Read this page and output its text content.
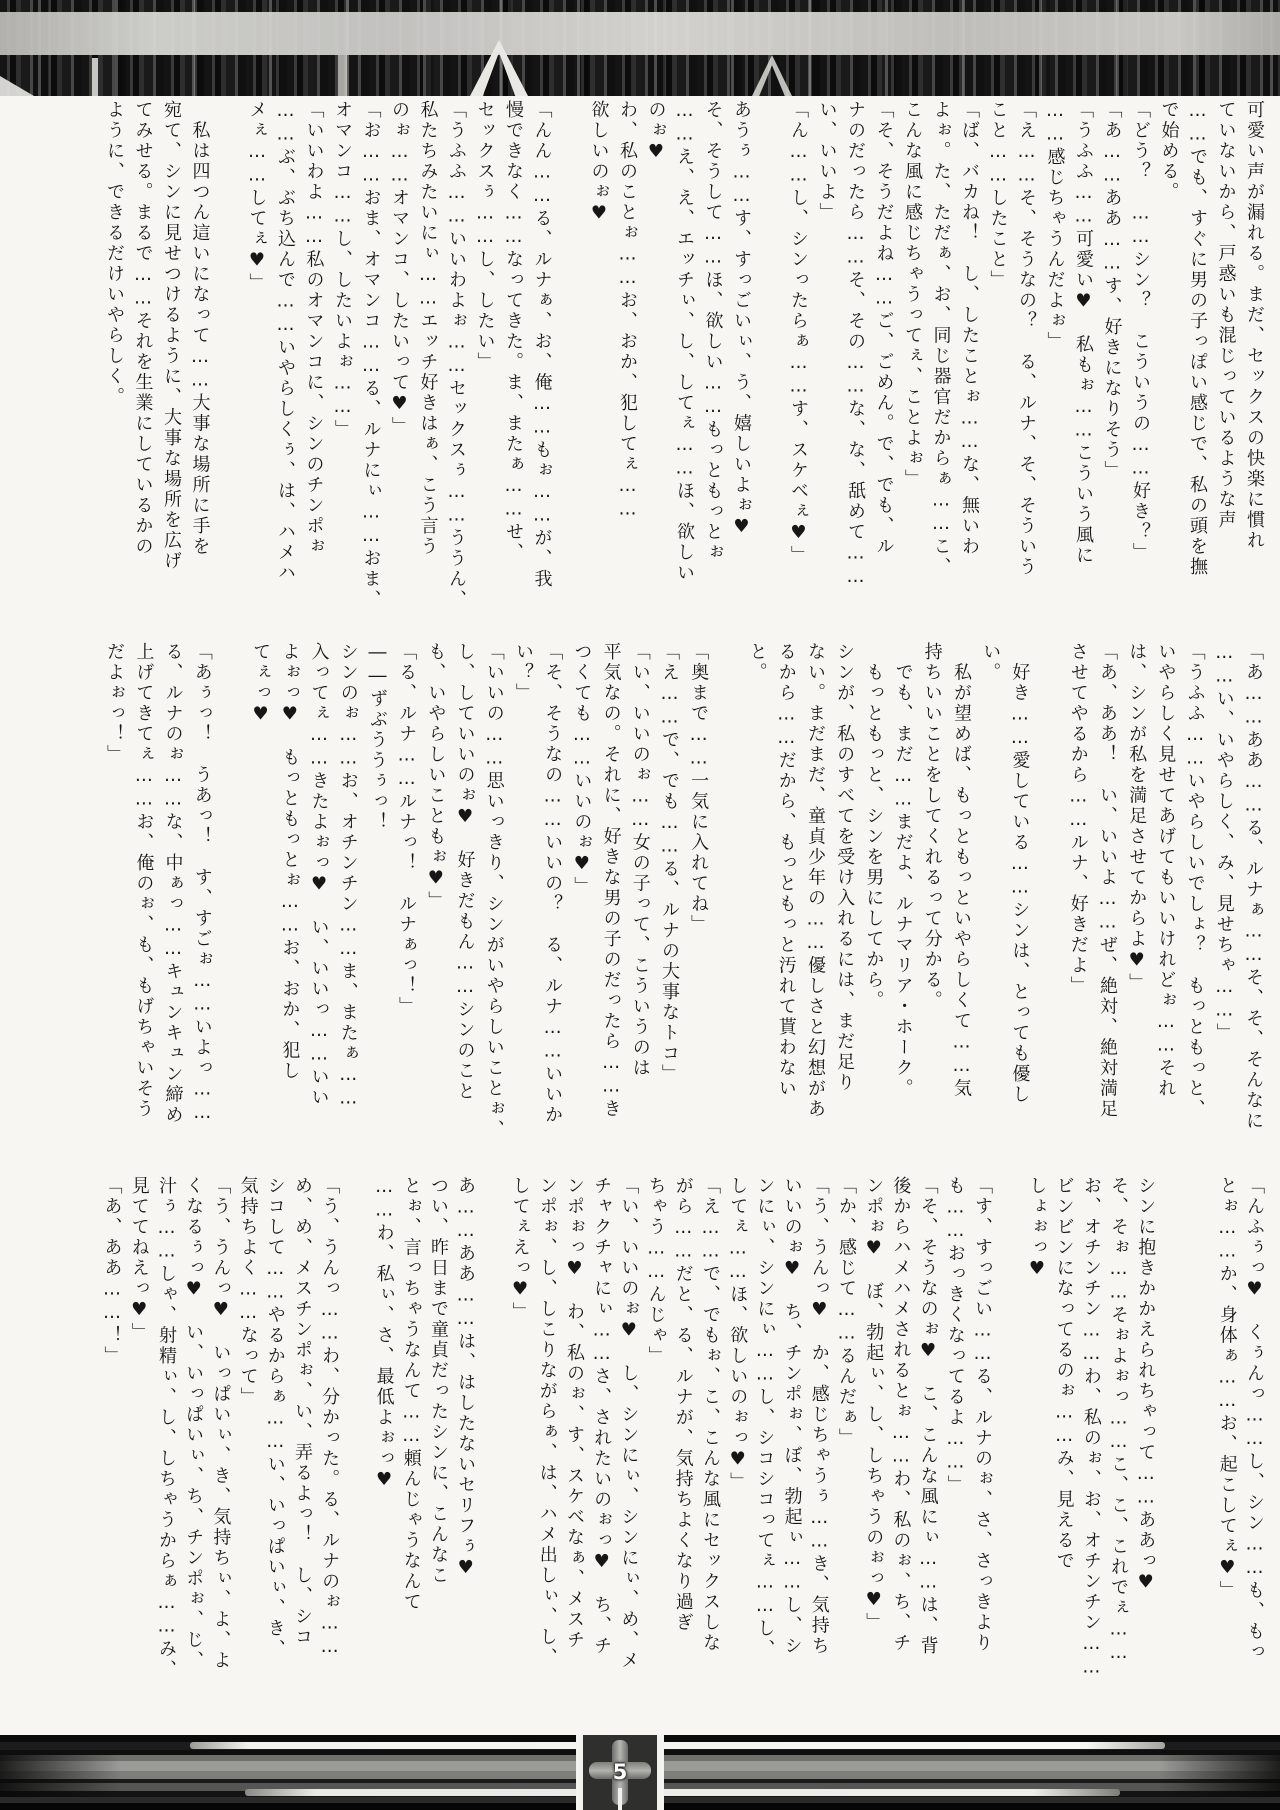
可愛い声が漏れる。まだ、セックスの快楽に慣れ
ていないから、戸惑いも混じっているような声
……でも、すぐに男の子っぽい感じで、私の頭を撫
で始める。
「どう？　……シン？　こういうの……好き？」
「あ……ああ……す、好きになりそう」
「うふふ……可愛い♥　私もぉ……こういう風に
……感じちゃうんだよぉ」
「え……そ、そうなの？　る、ルナ、そ、そういう
こと……したこと」
「ば、バカね！　し、したことぉ……な、無いわ
よぉ。た、ただぁ、お、同じ器官だからぁ……こ、
こんな風に感じちゃうってぇ、ことよぉ」
「そ、そうだよね……ご、ごめん。で、でも、ル
ナのだったら……そ、その……な、な、舐めて……
い、いいよ」
「ん……し、シンったらぁ……す、スケベぇ♥」
あうぅ……す、すっごいぃ、う、嬉しいよぉ♥
そ、そうして……ほ、欲しい……もっともっとぉ
……え、え、エッチぃ、し、してぇ……ほ、欲しい
のぉ♥
わ、私のことぉ……お、おか、犯してぇ……
欲しいのぉ♥
「んん……る、ルナぁ、お、俺……もぉ……が、我
慢できなく……なってきた。ま、またぁ……せ、
セックスぅ……し、したい」
「うふふ……いいわよぉ……セックスぅ……ううん、
私たちみたいにぃ……エッチ好きはぁ、こう言う
のぉ……オマンコ、したいって♥」
「お……おま、オマンコ……る、ルナにぃ……おま、
オマンコ……し、したいよぉ……」
「いいわよ……私のオマンコに、シンのチンポぉ
……ぶ、ぶち込んで……いやらしくぅ、は、ハメハ
メぇ……してぇ♥」
　私は四つん這いになって……大事な場所に手を
宛て、シンに見せつけるように、大事な場所を広げ
てみせる。まるで……それを生業にしているかの
ように、できるだけいやらしく。
「あ……ああ……る、ルナぁ……そ、そ、そんなに
……い、いやらしく、み、見せちゃ……」
「うふふ……いやらしいでしょ？　もっともっと、
いやらしく見せてあげてもいいけれどぉ……それ
は、シンが私を満足させてからよ♥」
「あ、ああ！　い、いいよ……ぜ、絶対、絶対満足
させてやるから……ルナ、好きだよ」
　好き……愛している……シンは、とっても優し
い。
　私が望めば、もっともっといやらしくて……気
持ちいいことをしてくれるって分かる。
　でも、まだ……まだよ、ルナマリア・ホーク。
　もっともっと、シンを男にしてから。
シンが、私のすべてを受け入れるには、まだ足り
ない。まだまだ、童貞少年の……優しさと幻想があ
るから……だから、もっともっと汚れて貰わない
と。
「奥まで……一気に入れてね」
「え……で、でも……る、ルナの大事なトコ」
「い、いいのぉ……女の子って、こういうのは
平気なの。それに、好きな男の子のだったら……き
つくても……いいのぉ♥」
「そ、そうなの……いいの？　る、ルナ……いいか
い？」
「いいの……思いっきり、シンがいやらしいことぉ、
し、していいのぉ♥　好きだもん……シンのこと
も、いやらしいこともぉ♥」
「る、ルナ……ルナっ！　ルナぁっ！」
――ずぶううぅっ！
シンのぉ……お、オチンチン……ま、またぁ……
入ってぇ……きたよぉっ♥　い、いいっ……いい
よぉっ♥　もっともっとぉ……お、おか、犯し
てぇっ♥
「あぅっ！　うあっ！　す、すごぉ……いよっ……
る、ルナのぉ……な、中ぁっ……キュンキュン締め
上げてきてぇ……お、俺のぉ、も、もげちゃいそう
だよぉっ！」
「んふぅっ♥　くぅんっ……し、シン……も、もっ
とぉ……か、身体ぁ……お、起こしてぇ♥」
シンに抱きかかえられちゃって……ああっ♥
そ、そぉ……そぉよぉっ……こ、こ、これでぇ……
お、オチンチン……わ、私のぉ、お、オチンチン……
ビンビンになってるのぉ……み、見えるで
しょぉっ♥
「す、すっごい……る、ルナのぉ、さ、さっきより
も……おっきくなってるよ……」
「そ、そうなのぉ♥　こ、こんな風にぃ……は、背
後からハメハメされるとぉ……わ、私のぉ、ち、チ
ンポぉ♥　ぼ、勃起ぃ、し、しちゃうのぉっ♥」
「か、感じて……るんだぁ」
「う、うんっ♥　か、感じちゃうぅ……き、気持ち
いいのぉ♥　ち、チンポぉ、ぼ、勃起ぃ……し、シ
ンにぃ、シンにぃ……し、シコシコってぇ……し、
してぇ……ほ、欲しいのぉっ♥」
「え……で、でもぉ、こ、こんな風にセックスしな
がら……だと、る、ルナが、気持ちよくなり過ぎ
ちゃう……んじゃ」
「い、いいのぉ♥　し、シンにぃ、シンにぃ、め、メ
チャクチャにぃ……さ、されたいのぉっ♥　ち、チ
ンポぉっ♥　わ、私のぉ、す、スケベなぁ、メスチ
ンポぉ、し、しこりながらぁ、は、ハメ出しぃ、し、
してぇえっ♥」
あ……ああ……は、はしたないセリフぅ♥
つい、昨日まで童貞だったシンに、こんなこ
とぉ、言っちゃうなんて……頼んじゃうなんて
……わ、私ぃ、さ、最低よぉっ♥
「う、うんっ……わ、分かった。る、ルナのぉ……
め、め、メスチンポぉ、い、弄るよっ！　し、シコ
シコして……やるからぁ……い、いっぱいぃ、き、
気持ちよく……なって」
「う、うんっ♥　いっぱいぃ、き、気持ちぃ、よ、よ
くなるぅっ♥　い、いっぱいぃ、ち、チンポぉ、じ、
汁ぅ……しゃ、射精ぃ、し、しちゃうからぁ……み、
見ててねえっ♥」
「あ、ああ……！」
5
